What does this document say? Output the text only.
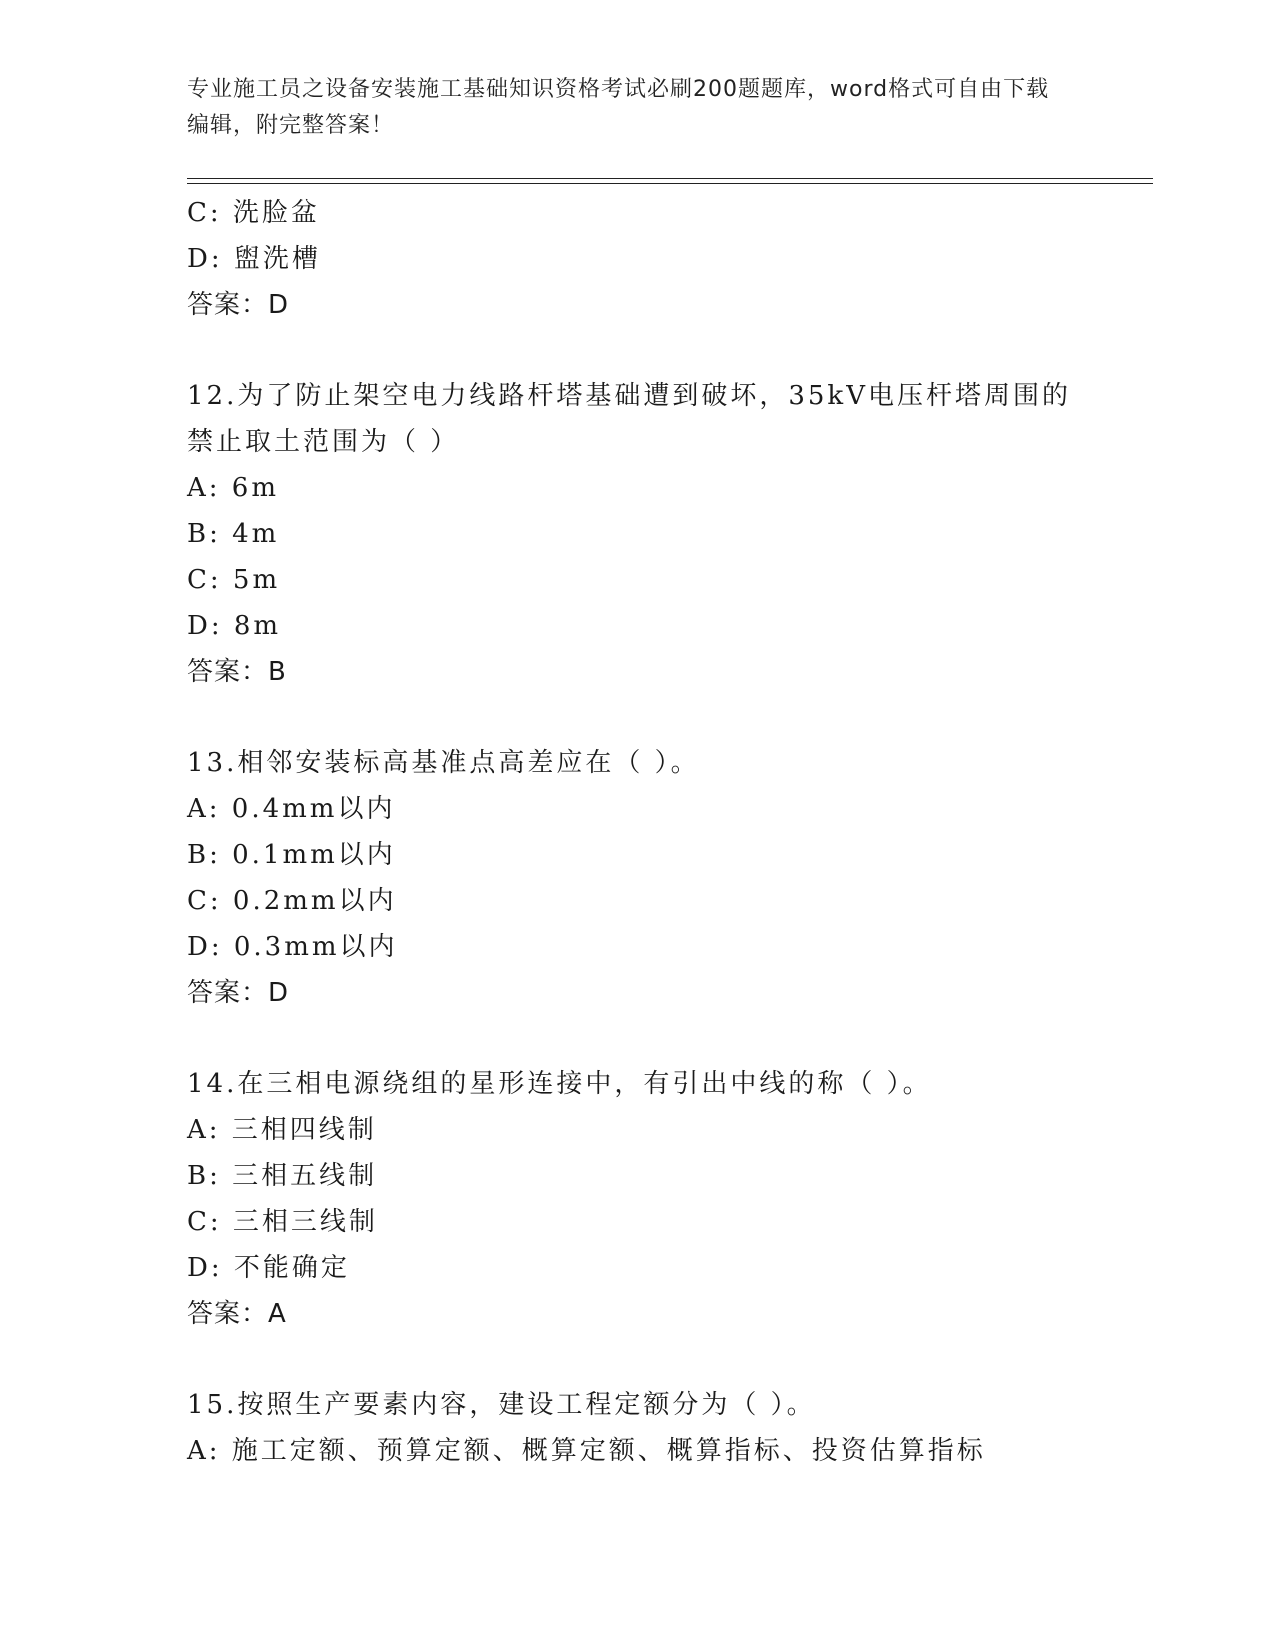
专业施工员之设备安装施工基础知识资格考试必刷200题题库，word格式可自由下载编辑，附完整答案！
C: 洗脸盆
D: 盥洗槽
答案：D
12.为了防止架空电力线路杆塔基础遭到破坏，35kV电压杆塔周围的禁止取土范围为（ ）
A: 6m
B: 4m
C: 5m
D: 8m
答案：B
13.相邻安装标高基准点高差应在（ ）。
A: 0.4mm以内
B: 0.1mm以内
C: 0.2mm以内
D: 0.3mm以内
答案：D
14.在三相电源绕组的星形连接中，有引出中线的称（ ）。
A: 三相四线制
B: 三相五线制
C: 三相三线制
D: 不能确定
答案：A
15.按照生产要素内容，建设工程定额分为（ ）。
A: 施工定额、预算定额、概算定额、概算指标、投资估算指标
